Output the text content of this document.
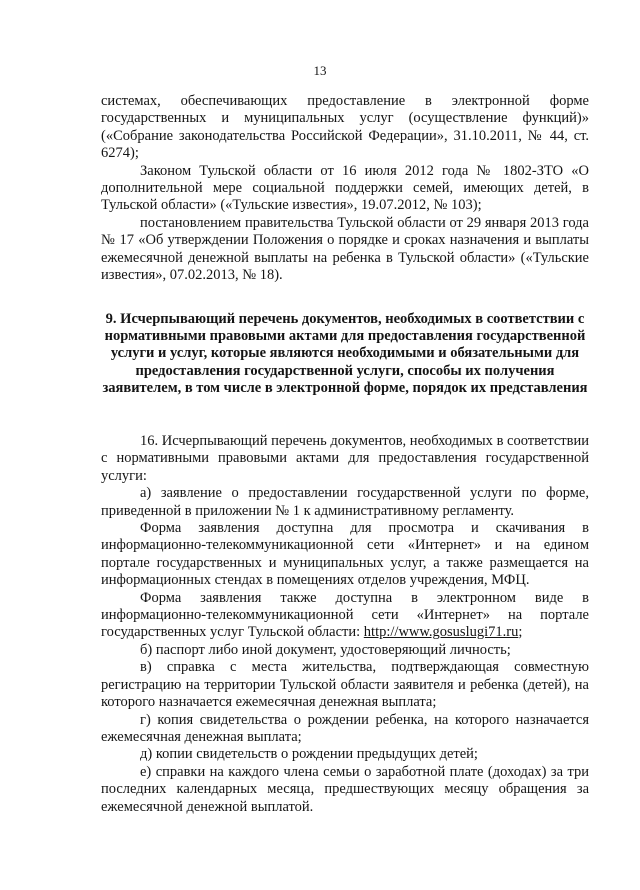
13

системах, обеспечивающих предоставление в электронной форме государственных и муниципальных услуг (осуществление функций)» («Собрание законодательства Российской Федерации», 31.10.2011, № 44, ст. 6274);

Законом Тульской области от 16 июля 2012 года № 1802-ЗТО «О дополнительной мере социальной поддержки семей, имеющих детей, в Тульской области» («Тульские известия», 19.07.2012, № 103);

постановлением правительства Тульской области от 29 января 2013 года № 17 «Об утверждении Положения о порядке и сроках назначения и выплаты ежемесячной денежной выплаты на ребенка в Тульской области» («Тульские известия», 07.02.2013, № 18).

9. Исчерпывающий перечень документов, необходимых в соответствии с нормативными правовыми актами для предоставления государственной услуги и услуг, которые являются необходимыми и обязательными для предоставления государственной услуги, способы их получения заявителем, в том числе в электронной форме, порядок их представления

16. Исчерпывающий перечень документов, необходимых в соответствии с нормативными правовыми актами для предоставления государственной услуги:

а) заявление о предоставлении государственной услуги по форме, приведенной в приложении № 1 к административному регламенту.

Форма заявления доступна для просмотра и скачивания в информационно-телекоммуникационной сети «Интернет» и на едином портале государственных и муниципальных услуг, а также размещается на информационных стендах в помещениях отделов учреждения, МФЦ.

Форма заявления также доступна в электронном виде в информационно-телекоммуникационной сети «Интернет» на портале государственных услуг Тульской области: http://www.gosuslugi71.ru;

б) паспорт либо иной документ, удостоверяющий личность;

в) справка с места жительства, подтверждающая совместную регистрацию на территории Тульской области заявителя и ребенка (детей), на которого назначается ежемесячная денежная выплата;

г) копия свидетельства о рождении ребенка, на которого назначается ежемесячная денежная выплата;

д) копии свидетельств о рождении предыдущих детей;

е) справки на каждого члена семьи о заработной плате (доходах) за три последних календарных месяца, предшествующих месяцу обращения за ежемесячной денежной выплатой.
